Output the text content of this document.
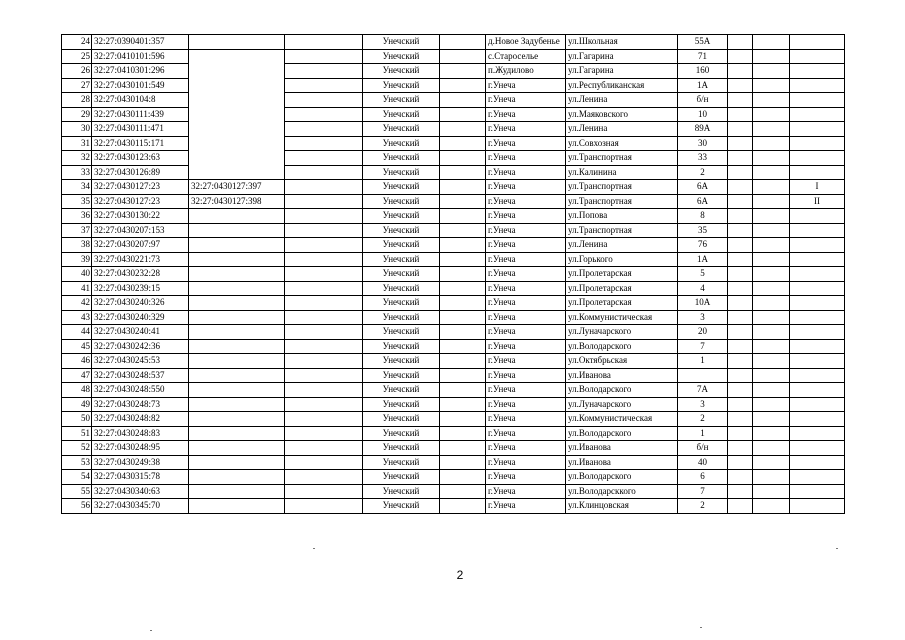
24	32:27:0390401:357			Унечский		д.Новое Задубенье	ул.Школьная	55А			
25	32:27:0410101:596			Унечский		с.Староселье	ул.Гагарина	71			
26	32:27:0410301:296			Унечский		п.Жудилово	ул.Гагарина	160			
27	32:27:0430101:549			Унечский		г.Унеча	ул.Республиканская	1А			
28	32:27:0430104:8			Унечский		г.Унеча	ул.Ленина	б/н			
29	32:27:0430111:439			Унечский		г.Унеча	ул.Маяковского	10			
30	32:27:0430111:471			Унечский		г.Унеча	ул.Ленина	89А			
31	32:27:0430115:171			Унечский		г.Унеча	ул.Совхозная	30			
32	32:27:0430123:63			Унечский		г.Унеча	ул.Транспортная	33			
33	32:27:0430126:89			Унечский		г.Унеча	ул.Калинина	2			
34	32:27:0430127:23	32:27:0430127:397		Унечский		г.Унеча	ул.Транспортная	6А			I
35	32:27:0430127:23	32:27:0430127:398		Унечский		г.Унеча	ул.Транспортная	6А			II
36	32:27:0430130:22			Унечский		г.Унеча	ул.Попова	8			
37	32:27:0430207:153			Унечский		г.Унеча	ул.Транспортная	35			
38	32:27:0430207:97			Унечский		г.Унеча	ул.Ленина	76			
39	32:27:0430221:73			Унечский		г.Унеча	ул.Горького	1А			
40	32:27:0430232:28			Унечский		г.Унеча	ул.Пролетарская	5			
41	32:27:0430239:15			Унечский		г.Унеча	ул.Пролетарская	4			
42	32:27:0430240:326			Унечский		г.Унеча	ул.Пролетарская	10А			
43	32:27:0430240:329			Унечский		г.Унеча	ул.Коммунистическая	3			
44	32:27:0430240:41			Унечский		г.Унеча	ул.Луначарского	20			
45	32:27:0430242:36			Унечский		г.Унеча	ул.Володарского	7			
46	32:27:0430245:53			Унечский		г.Унеча	ул.Октябрьская	1			
47	32:27:0430248:537			Унечский		г.Унеча	ул.Иванова				
48	32:27:0430248:550			Унечский		г.Унеча	ул.Володарского	7А			
49	32:27:0430248:73			Унечский		г.Унеча	ул.Луначарского	3			
50	32:27:0430248:82			Унечский		г.Унеча	ул.Коммунистическая	2			
51	32:27:0430248:83			Унечский		г.Унеча	ул.Володарского	1			
52	32:27:0430248:95			Унечский		г.Унеча	ул.Иванова	б/н			
53	32:27:0430249:38			Унечский		г.Унеча	ул.Иванова	40			
54	32:27:0430315:78			Унечский		г.Унеча	ул.Володарского	6			
55	32:27:0430340:63			Унечский		г.Унеча	ул.Володарсккого	7			
56	32:27:0430345:70			Унечский		г.Унеча	ул.Клинцовская	2			
2
